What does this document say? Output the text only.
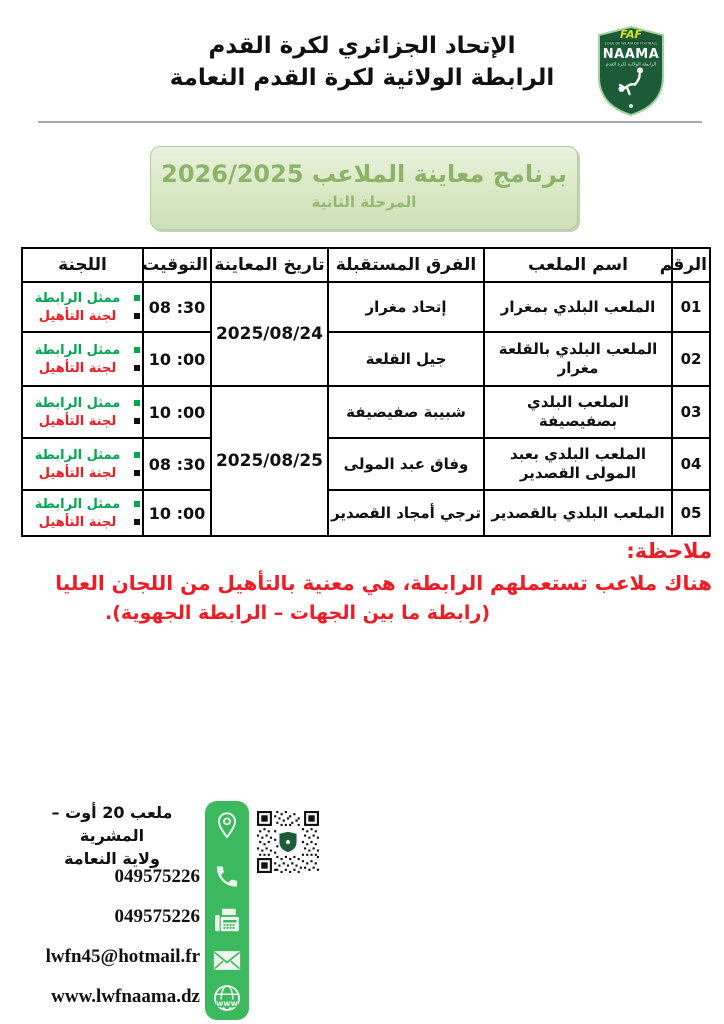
الإتحاد الجزائري لكرة القدم
الرابطة الولائية لكرة القدم النعامة
FAF
LIGUE DE WILAYA DE FOOTBALL
NAAMA
الرابطة الولائية لكرة القدم
برنامج معاينة الملاعب 2026/2025
المرحلة الثانية
الرقم	اسم الملعب	الفرق المستقبلة	تاريخ المعاينة	التوقيت	اللجنة
01	الملعب البلدي بمغرار	إتحاد مغرار	2025/08/24	08 :30	ممثل الرابطة
لجنة التأهيل

02	الملعب البلدي بالقلعة مغرار	جيل القلعة		10 :00	ممثل الرابطة
لجنة التأهيل

03	الملعب البلدي بصفيصيفة	شبيبة صفيصيفة	2025/08/25	10 :00	ممثل الرابطة
لجنة التأهيل

04	الملعب البلدي بعبد المولى القصدير	وفاق عبد المولى		08 :30	ممثل الرابطة
لجنة التأهيل

05	الملعب البلدي بالقصدير	ترجي أمجاد القصدير		10 :00	ممثل الرابطة
لجنة التأهيل
ملاحظة:
هناك ملاعب تستعملهم الرابطة، هي معنية بالتأهيل من اللجان العليا
(رابطة ما بين الجهات – الرابطة الجهوية).
ملعب 20 أوت – المشرية
ولاية النعامة
049575226
049575226
lwfn45@hotmail.fr
www.lwfnaama.dz	www
